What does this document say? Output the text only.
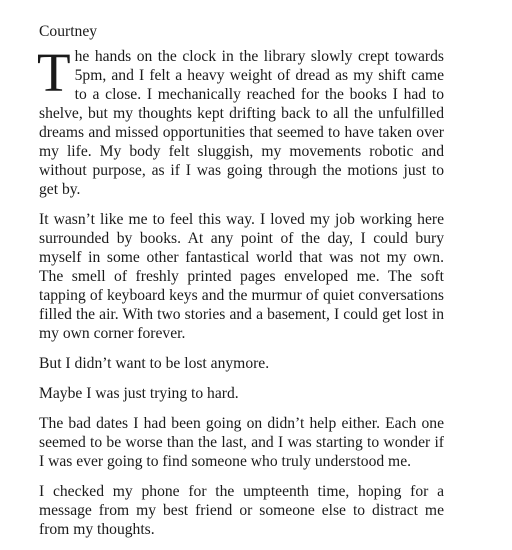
Courtney

The hands on the clock in the library slowly crept towards 5pm, and I felt a heavy weight of dread as my shift came to a close. I mechanically reached for the books I had to shelve, but my thoughts kept drifting back to all the unfulfilled dreams and missed opportunities that seemed to have taken over my life. My body felt sluggish, my movements robotic and without purpose, as if I was going through the motions just to get by.

It wasn’t like me to feel this way. I loved my job working here surrounded by books. At any point of the day, I could bury myself in some other fantastical world that was not my own. The smell of freshly printed pages enveloped me. The soft tapping of keyboard keys and the murmur of quiet conversations filled the air. With two stories and a basement, I could get lost in my own corner forever.

But I didn’t want to be lost anymore.

Maybe I was just trying to hard.

The bad dates I had been going on didn’t help either. Each one seemed to be worse than the last, and I was starting to wonder if I was ever going to find someone who truly understood me.

I checked my phone for the umpteenth time, hoping for a message from my best friend or someone else to distract me from my thoughts.
